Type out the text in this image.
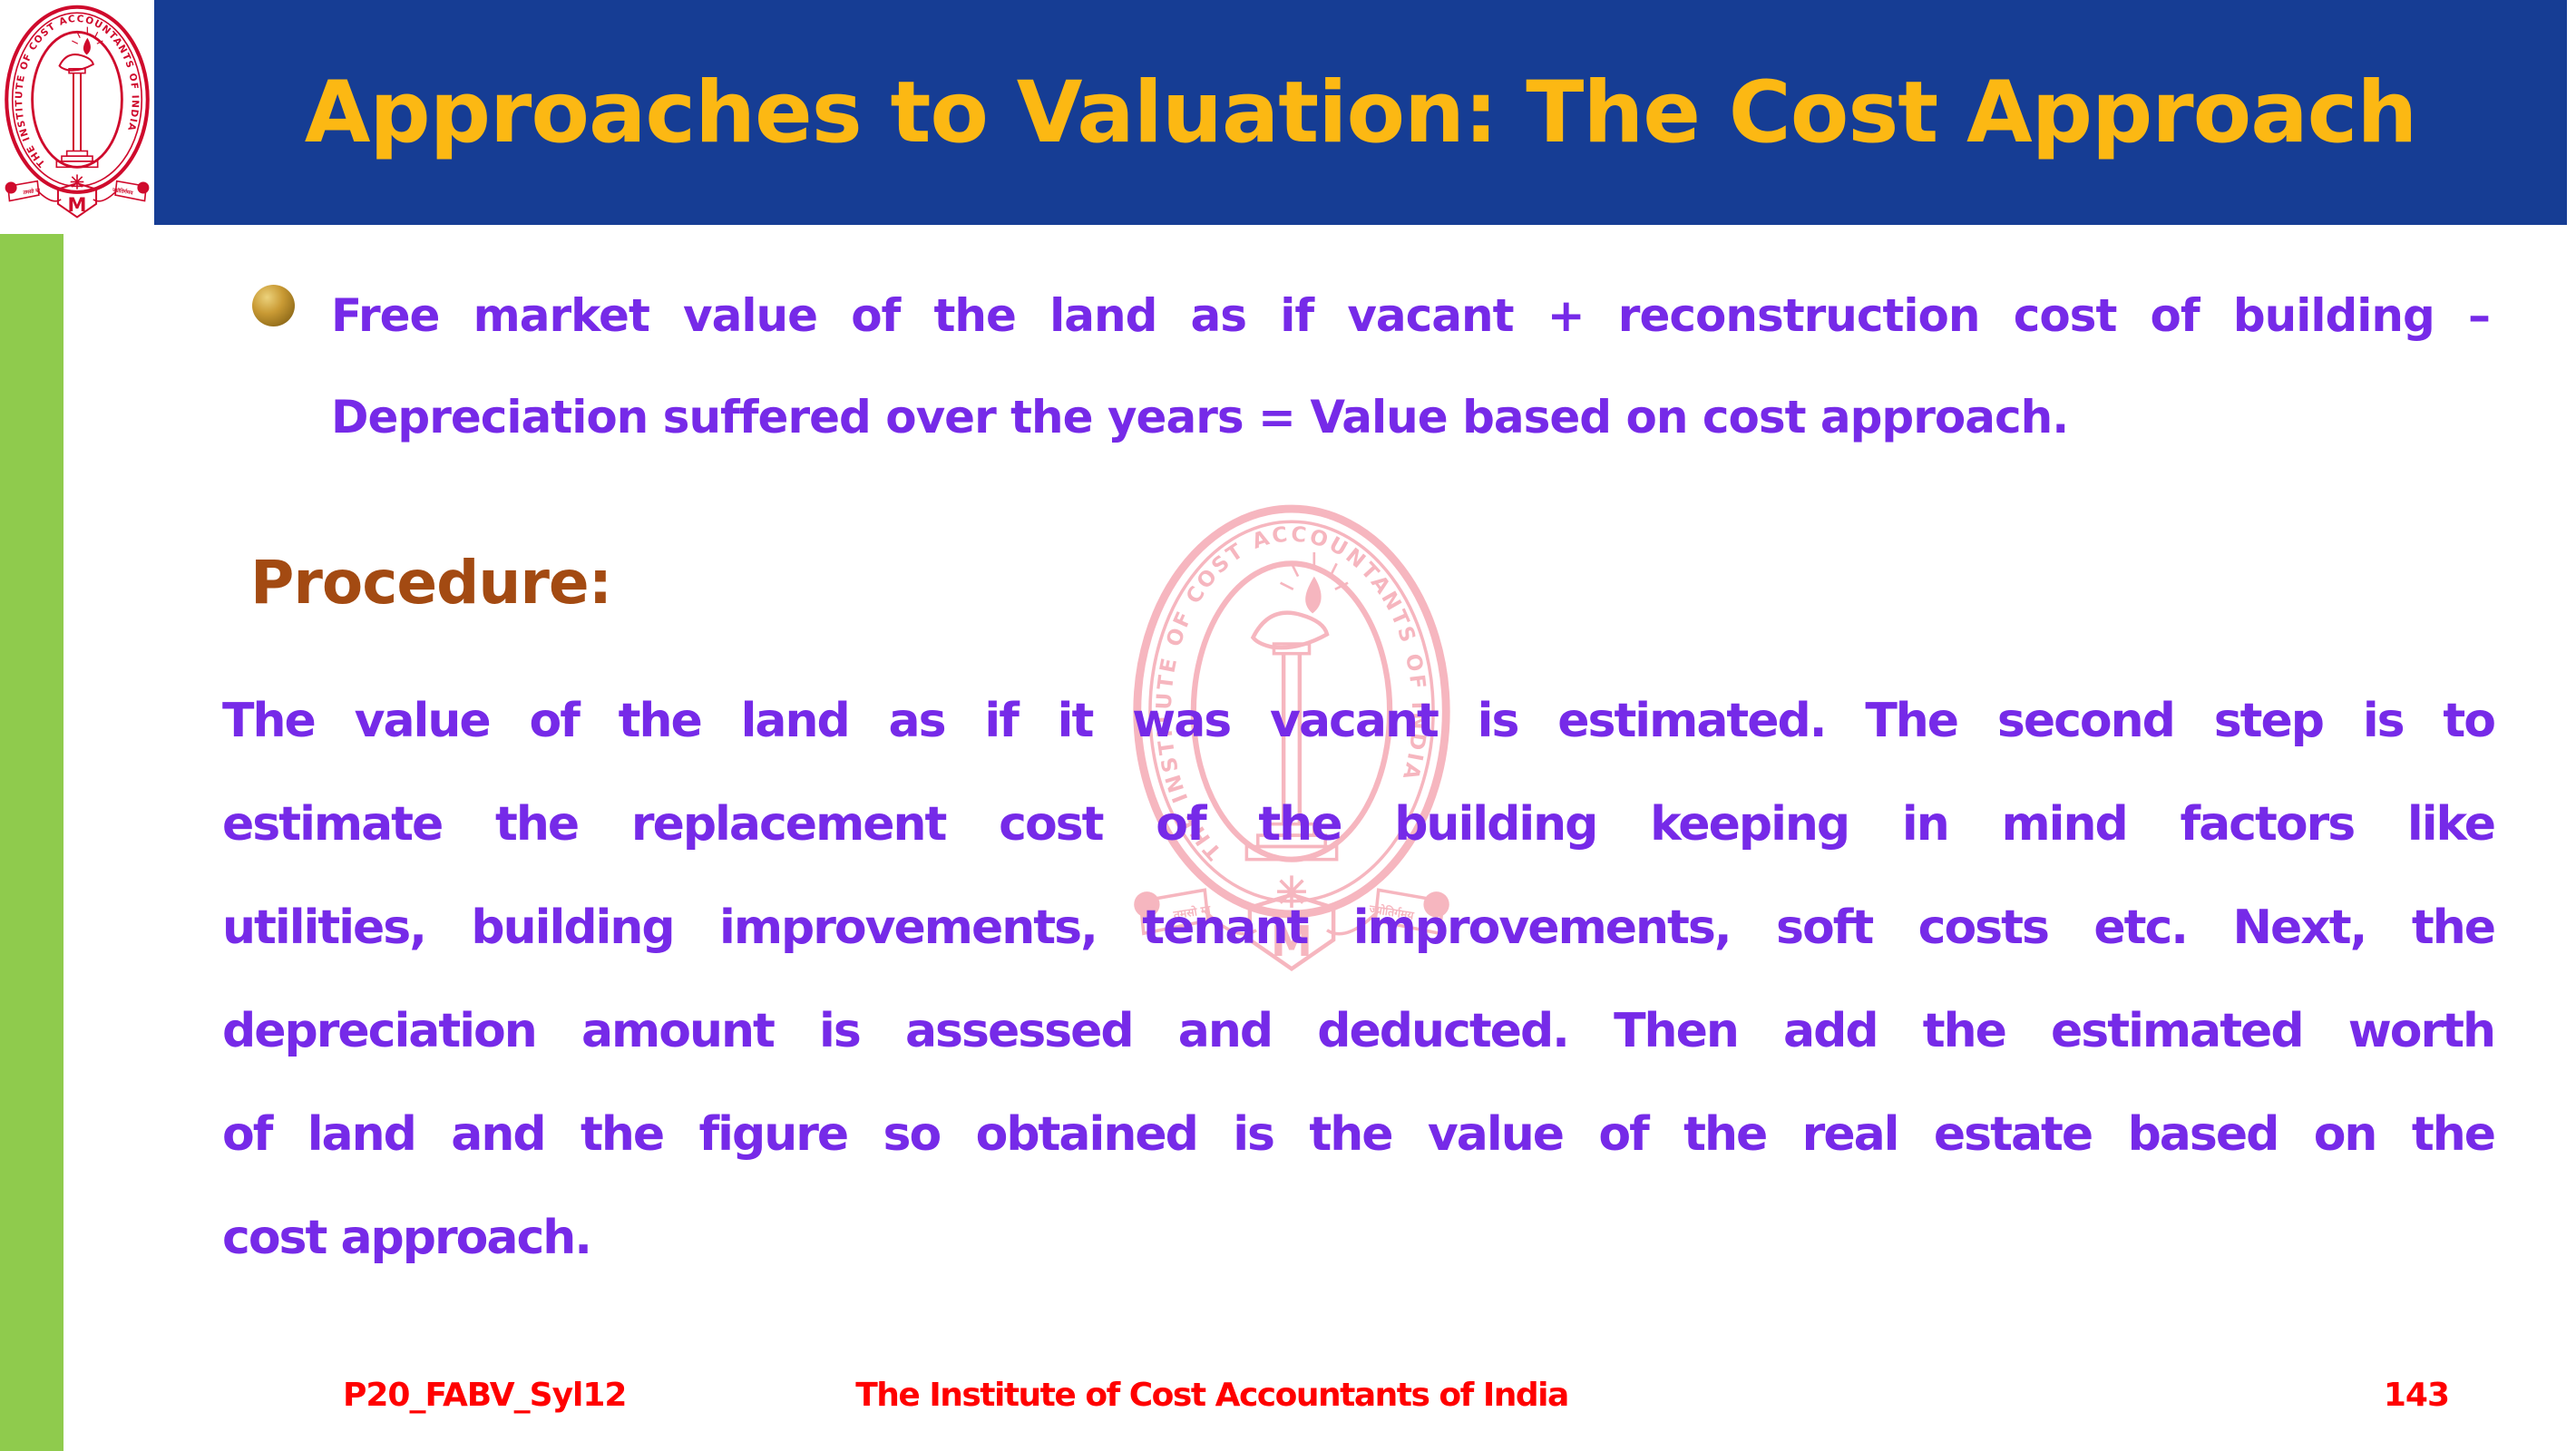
Approaches to Valuation: The Cost Approach
Free market value of the land as if vacant + reconstruction cost of building –
Depreciation suffered over the years = Value based on cost approach.
Procedure:
The value of the land as if it was vacant is estimated. The second step is to
estimate the replacement cost of the building keeping in mind factors like
utilities, building improvements, tenant improvements, soft costs etc. Next, the
depreciation amount is assessed and deducted. Then add the estimated worth
of land and the figure so obtained is the value of the real estate based on the
cost approach.
P20_FABV_Syl12	The Institute of Cost Accountants of India	143
